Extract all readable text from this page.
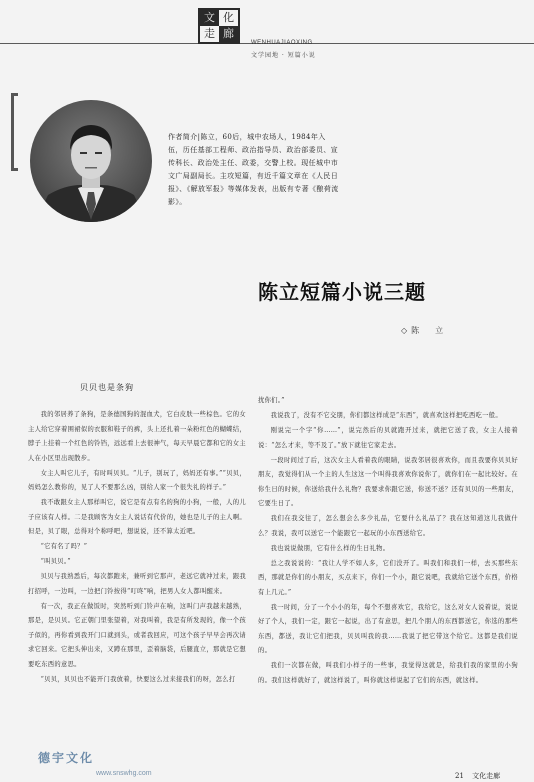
文 化
走 廊
WENHUAJIAOXING
文学园地 · 短篇小说
作者简介|陈立，60后，城中农场人，1984年入伍，历任基部工程师、政治指导员、政治部委员、宣传科长、政治处主任、政委，交警上校。现任城中市文广局副局长。主攻短篇，有近千篇文章在《人民日报》、《解放军报》等媒体发表，出版有专著《酿荷流影》。
陈立短篇小说三题
◇陈　立
贝贝也是条狗

我的邻居养了条狗，是条德国狗的混血犬，它白皮肤一些棕色。它的女主人给它穿着围裙似的衣服和鞋子的裤，头上还扎着一朵粉红色的蝴蝶结，脖子上挂着一个红色的铃铛，远远看上去很神气，每天早晨它都和它的女主人在小区里出现散步。

女主人叫它儿子，有时叫贝贝。“儿子，别玩了，妈妈还有事。”“贝贝，妈妈怎么教你的，见了人不要那么凶，别给人家一个很失礼的样子。”

我不敢跟女主人那样叫它，说它是有点有名的狗的小狗，一般，人的儿子应该有人样。二是我顾客为女主人说话有代价的，她也是儿子的主人啊。但是，贝了眼，总得对个称呼吧，想说说，还不算太近吧。

“它有名了吗？”

“叫贝贝。”

贝贝与我熟悉后，每次都跑来，兼听到它那声，老远它就冲过来，跟我打招呼，一边叫，一边把门铃按得“叮咚”响，把男人女人都叫醒来。

有一次，我正在做饭时，突然听到门铃声在响，这叫门声我越来越熟，那是，是贝贝。它正朝门里张望着，对我叫着，我是有所发现的，像一个孩子似的，再你看到我开门口就到头，或者我回应，可这个孩子早早会再次请求它回来。它把头伸出来，又蹲在那里，歪着脑袋，后腿直立，那就是它想要吃东西的意思。

“贝贝，贝贝也不能开门我放着，快要这么过来接我们的呀，怎么打

扰你们。”

我说我了，没有不它交朋，你们都这样成是“东西”，就喜欢这样把吃西吃一般。

刚说完一个字“你……”，说完然后的贝就跑开过来，就把它送了我，女主人接着说：“怎么才来，等不及了。”放下就往它家走去。

一段时间过了后，这次女主人看着我的眼睛，说我邻居很喜欢你，而且我要你贝贝好朋友，我觉得们从一个主的人生这这一个叫得我喜欢你说你了，就你们在一起比较好。在你生日的时候，你送给我什么礼物？我要求你跟它送，你送不送？还有贝贝的一些朋友，它要生日了。

我们在我交往了，怎么想会么多少礼品，它要什么礼品了？我在这知道这儿我做什么？我说，我可以送它一个能跟它一起玩的小东西送给它。

我也说说做朋，它有什么样的生日礼物。

总之我说说的：“我让人学不如人多，它们没开了。叫我们和我们一样，去买那些东西，那就是你们的小朋友，买点来下，你们一个小，跟它说吧，我就给它送个东西，价格有上几元。”

我一时间，分了一个小小的年，每个不想喜欢它，我给它，这么对女人说着说，说说好了个人，我们一定，跟它一起说，出了有意思，把几个朋人的东西都送它，你选的那些东西，都送，我让它们把我，贝贝叫我的我……我说了把它带这个给它。这都是我们说的。

我们一次都在做，叫我们小样子的一些事，我觉得这就是，给我们我的家里的小狗的。我们这样就好了，就这样说了，叫你就这样说起了它们的东西，就这样。

德宇文化
www.snswhg.com	21 文化走廊
